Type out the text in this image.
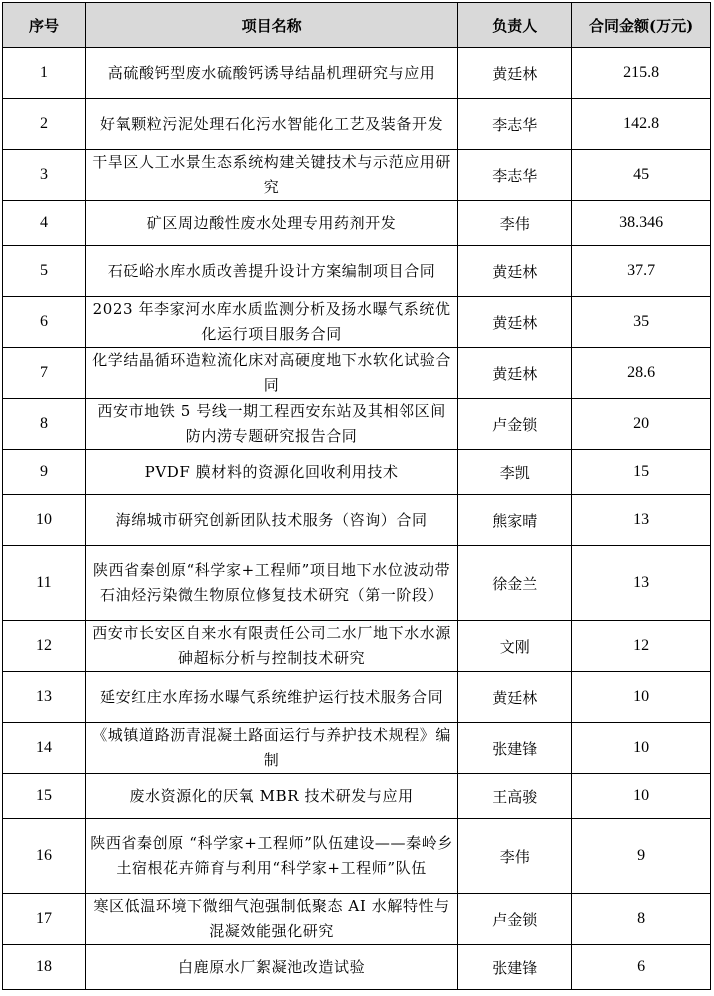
序号	项目名称	负责人	合同金额(万元)
1	高硫酸钙型废水硫酸钙诱导结晶机理研究与应用	黄廷林	215.8
2	好氧颗粒污泥处理石化污水智能化工艺及装备开发	李志华	142.8
3	干旱区人工水景生态系统构建关键技术与示范应用研究	李志华	45
4	矿区周边酸性废水处理专用药剂开发	李伟	38.346
5	石砭峪水库水质改善提升设计方案编制项目合同	黄廷林	37.7
6	2023 年李家河水库水质监测分析及扬水曝气系统优化运行项目服务合同	黄廷林	35
7	化学结晶循环造粒流化床对高硬度地下水软化试验合同	黄廷林	28.6
8	西安市地铁 5 号线一期工程西安东站及其相邻区间防内涝专题研究报告合同	卢金锁	20
9	PVDF 膜材料的资源化回收利用技术	李凯	15
10	海绵城市研究创新团队技术服务（咨询）合同	熊家晴	13
11	陕西省秦创原“科学家+工程师”项目地下水位波动带石油烃污染微生物原位修复技术研究（第一阶段）	徐金兰	13
12	西安市长安区自来水有限责任公司二水厂地下水水源砷超标分析与控制技术研究	文刚	12
13	延安红庄水库扬水曝气系统维护运行技术服务合同	黄廷林	10
14	《城镇道路沥青混凝土路面运行与养护技术规程》编制	张建锋	10
15	废水资源化的厌氧 MBR 技术研发与应用	王高骏	10
16	陕西省秦创原 “科学家+工程师”队伍建设——秦岭乡土宿根花卉筛育与利用“科学家+工程师”队伍	李伟	9
17	寒区低温环境下微细气泡强制低聚态 AI 水解特性与混凝效能强化研究	卢金锁	8
18	白鹿原水厂絮凝池改造试验	张建锋	6
